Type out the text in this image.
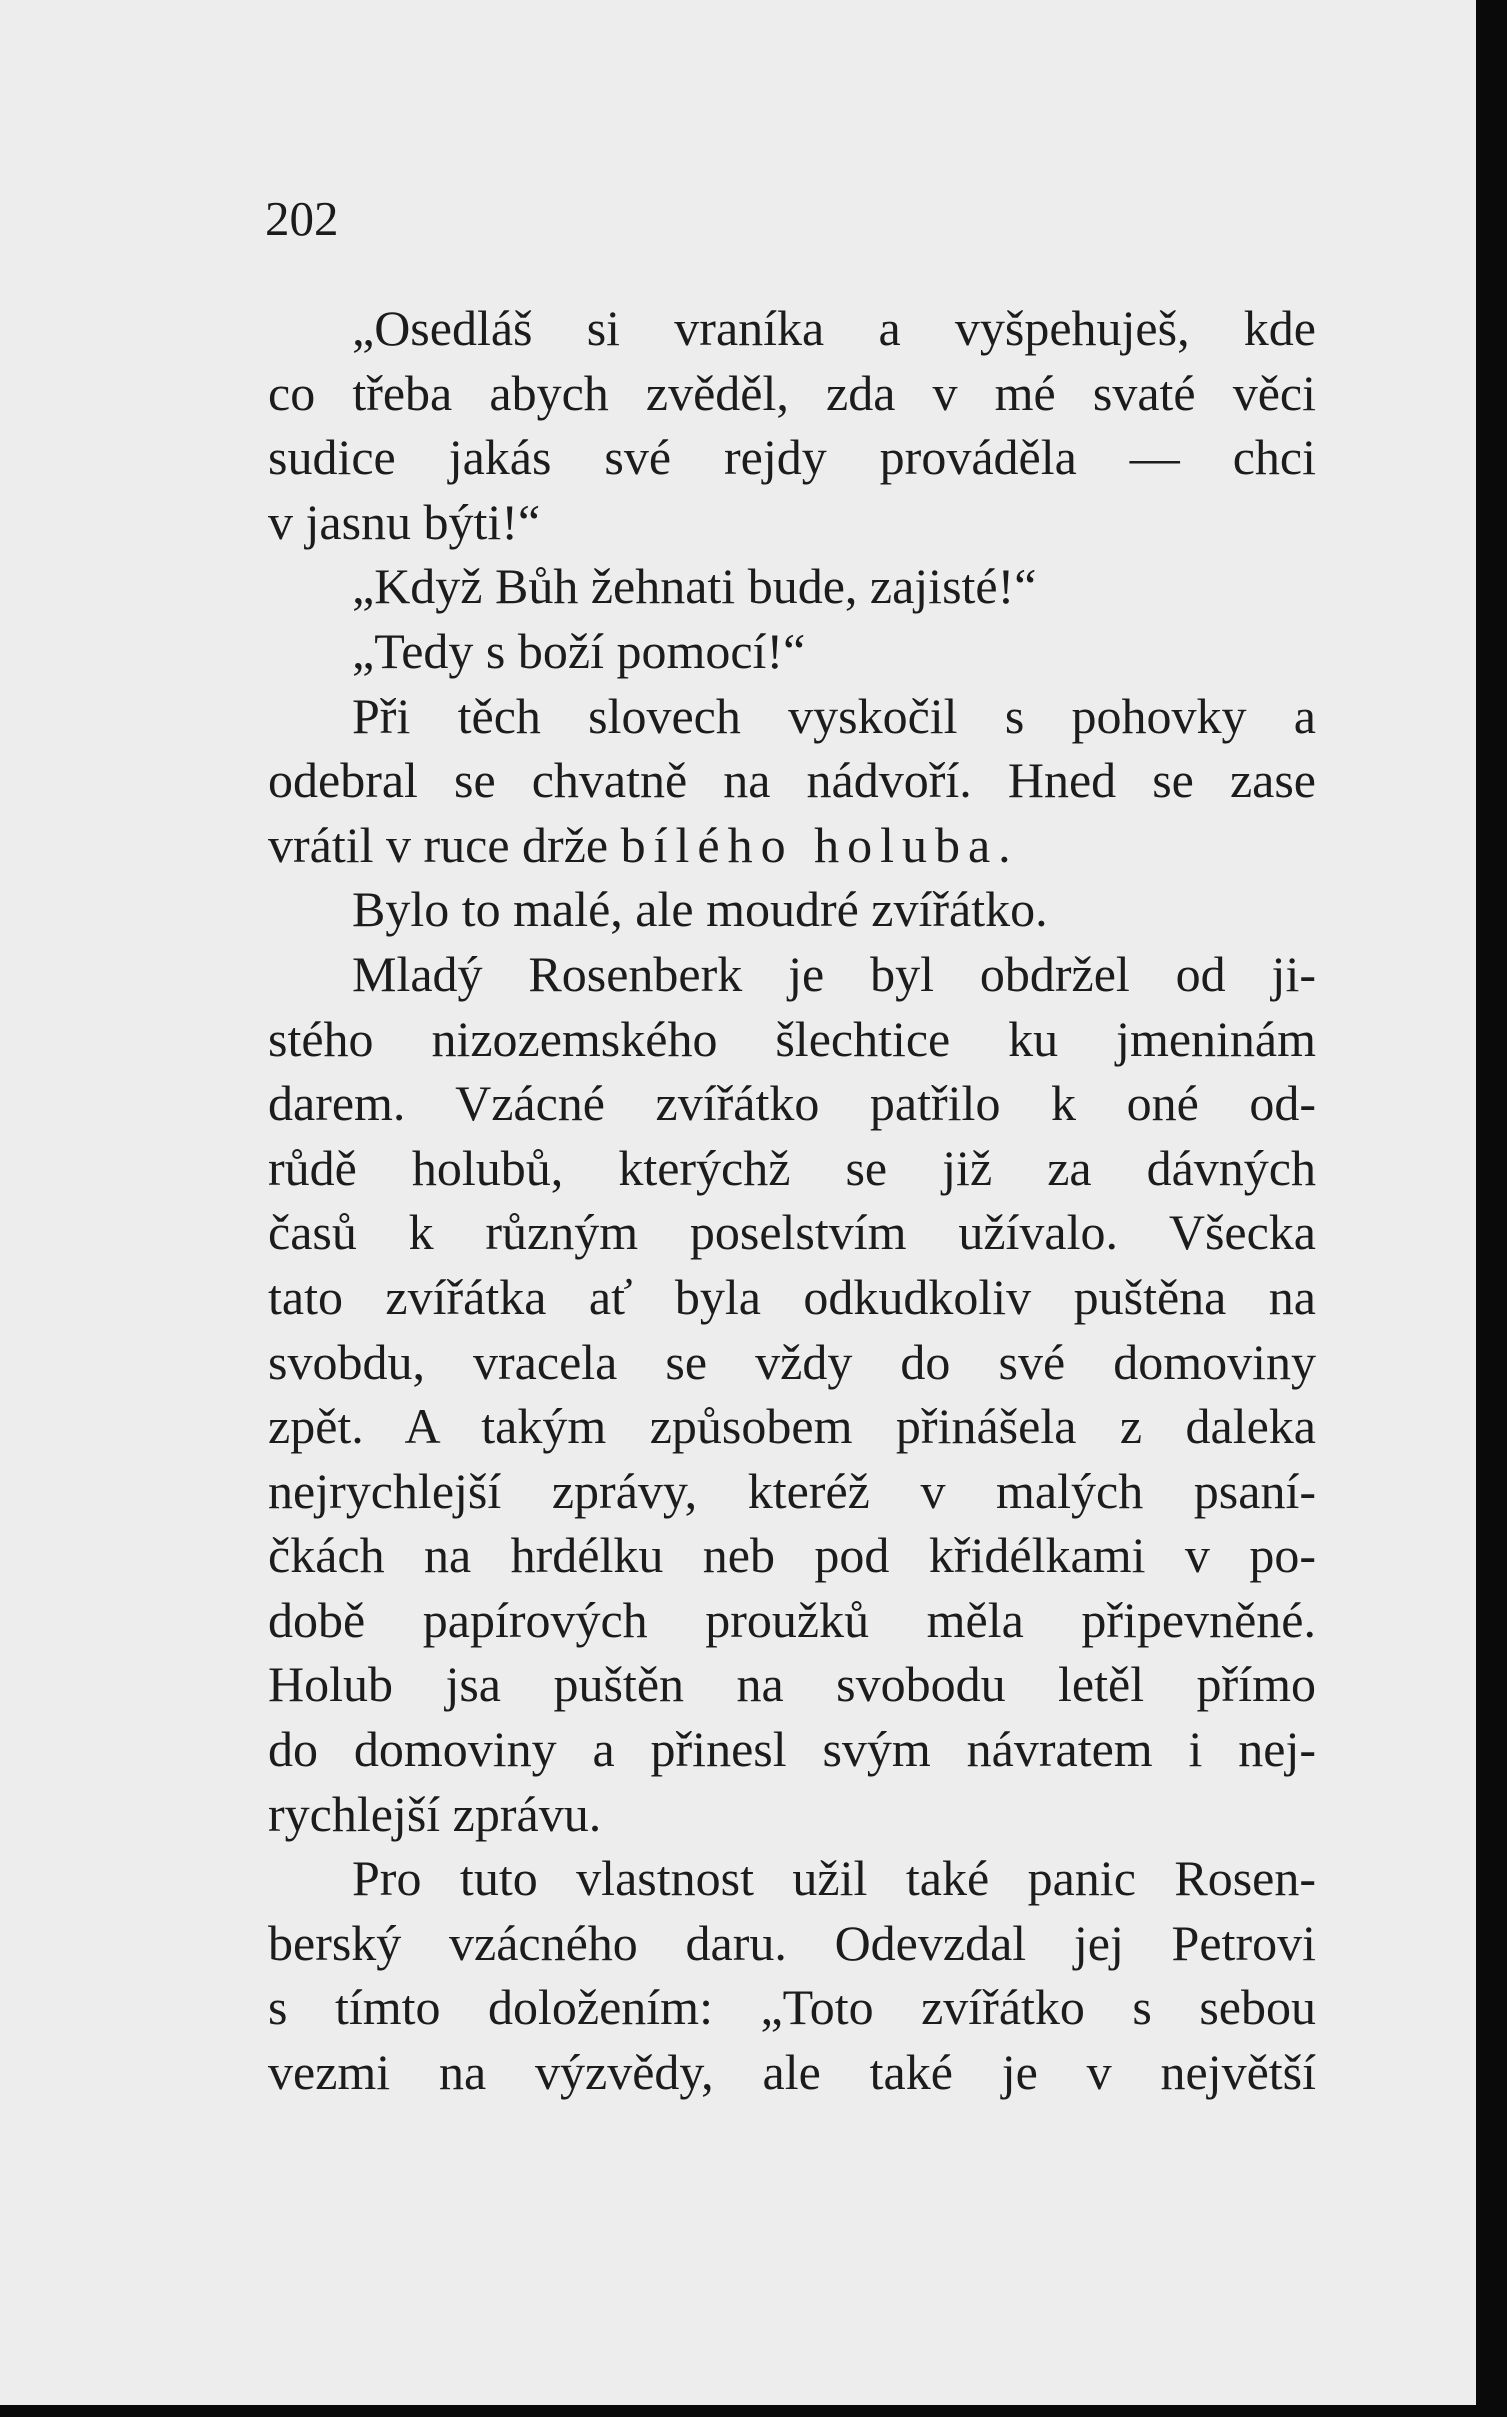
202
„Osedláš si vraníka a vyšpehuješ, kde
co třeba abych zvěděl, zda v mé svaté věci
sudice jakás své rejdy prováděla — chci
v jasnu býti!“
„Když Bůh žehnati bude, zajisté!“
„Tedy s boží pomocí!“
Při těch slovech vyskočil s pohovky a
odebral se chvatně na nádvoří. Hned se zase
vrátil v ruce drže bílého holuba.
Bylo to malé, ale moudré zvířátko.
Mladý Rosenberk je byl obdržel od ji-
stého nizozemského šlechtice ku jmeninám
darem. Vzácné zvířátko patřilo k oné od-
růdě holubů, kterýchž se již za dávných
časů k různým poselstvím užívalo. Všecka
tato zvířátka ať byla odkudkoliv puštěna na
svobdu, vracela se vždy do své domoviny
zpět. A takým způsobem přinášela z daleka
nejrychlejší zprávy, kteréž v malých psaní-
čkách na hrdélku neb pod křidélkami v po-
době papírových proužků měla připevněné.
Holub jsa puštěn na svobodu letěl přímo
do domoviny a přinesl svým návratem i nej-
rychlejší zprávu.
Pro tuto vlastnost užil také panic Rosen-
berský vzácného daru. Odevzdal jej Petrovi
s tímto doložením: „Toto zvířátko s sebou
vezmi na výzvědy, ale také je v největší
